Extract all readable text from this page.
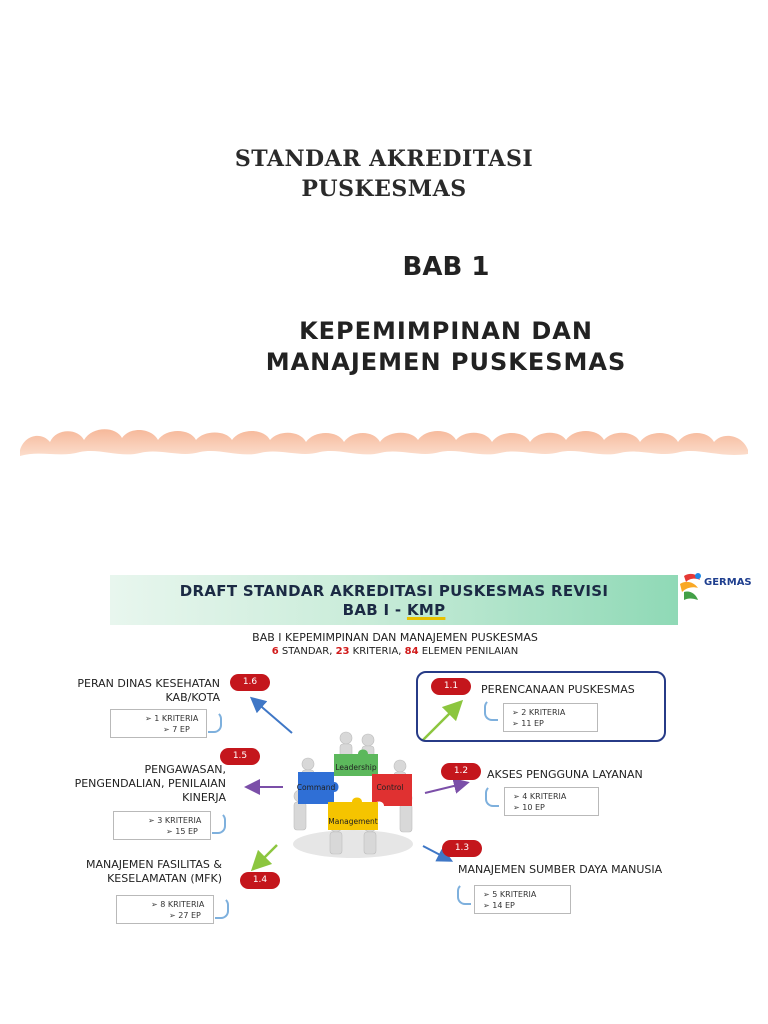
STANDAR AKREDITASI
PUSKESMAS
BAB 1
KEPEMIMPINAN DAN
MANAJEMEN PUSKESMAS
DRAFT STANDAR AKREDITASI PUSKESMAS REVISI
BAB I - KMP
GERMAS
BAB I KEPEMIMPINAN DAN MANAJEMEN PUSKESMAS
6 STANDAR, 23 KRITERIA, 84 ELEMEN PENILAIAN
Leadership
Command	Control
Management
1.1	PERENCANAAN PUSKESMAS
➢ 2 KRITERIA
➢ 11 EP
1.2	AKSES PENGGUNA LAYANAN
➢ 4 KRITERIA
➢ 10 EP
1.3
MANAJEMEN SUMBER DAYA MANUSIA
➢ 5 KRITERIA
➢ 14 EP
MANAJEMEN FASILITAS &
KESELAMATAN (MFK)	1.4
➢ 8 KRITERIA
➢ 27 EP
1.5
PENGAWASAN,
PENGENDALIAN, PENILAIAN
KINERJA
➢ 3 KRITERIA
➢ 15 EP
1.6
PERAN DINAS KESEHATAN
KAB/KOTA
➢ 1 KRITERIA
➢ 7 EP
